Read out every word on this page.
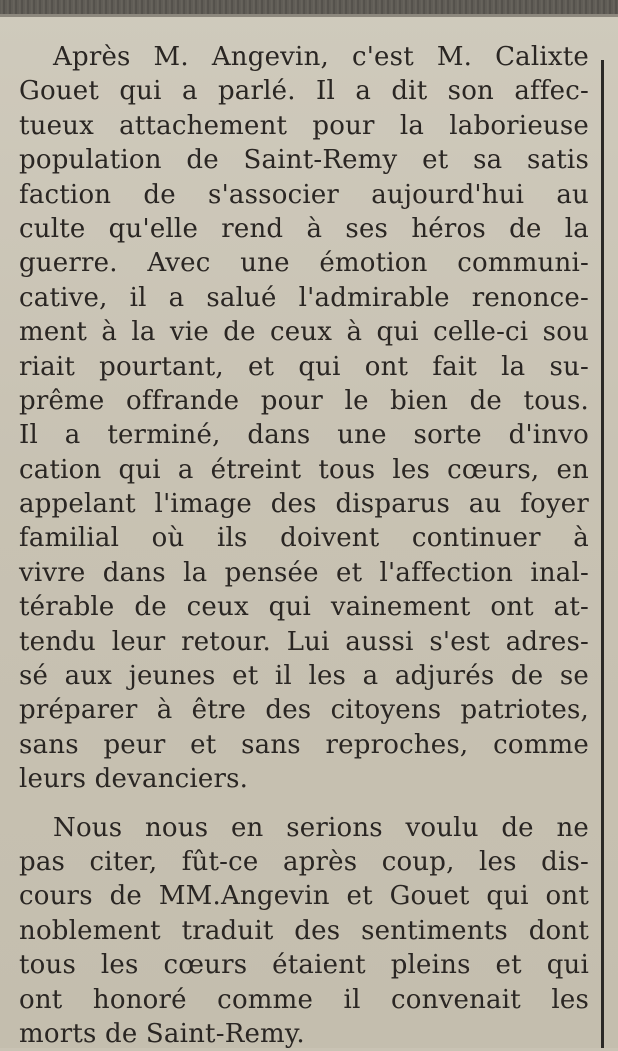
Après M. Angevin, c'est M. Calixte
Gouet qui a parlé. Il a dit son affec-
tueux attachement pour la laborieuse
population de Saint-Remy et sa satis
faction de s'associer aujourd'hui au
culte qu'elle rend à ses héros de la
guerre. Avec une émotion communi-
cative, il a salué l'admirable renonce-
ment à la vie de ceux à qui celle-ci sou
riait pourtant, et qui ont fait la su-
prême offrande pour le bien de tous.
Il a terminé, dans une sorte d'invo
cation qui a étreint tous les cœurs, en
appelant l'image des disparus au foyer
familial où ils doivent continuer à
vivre dans la pensée et l'affection inal-
térable de ceux qui vainement ont at-
tendu leur retour. Lui aussi s'est adres-
sé aux jeunes et il les a adjurés de se
préparer à être des citoyens patriotes,
sans peur et sans reproches, comme
leurs devanciers.
Nous nous en serions voulu de ne
pas citer, fût-ce après coup, les dis-
cours de MM.Angevin et Gouet qui ont
noblement traduit des sentiments dont
tous les cœurs étaient pleins et qui
ont honoré comme il convenait les
morts de Saint-Remy.
